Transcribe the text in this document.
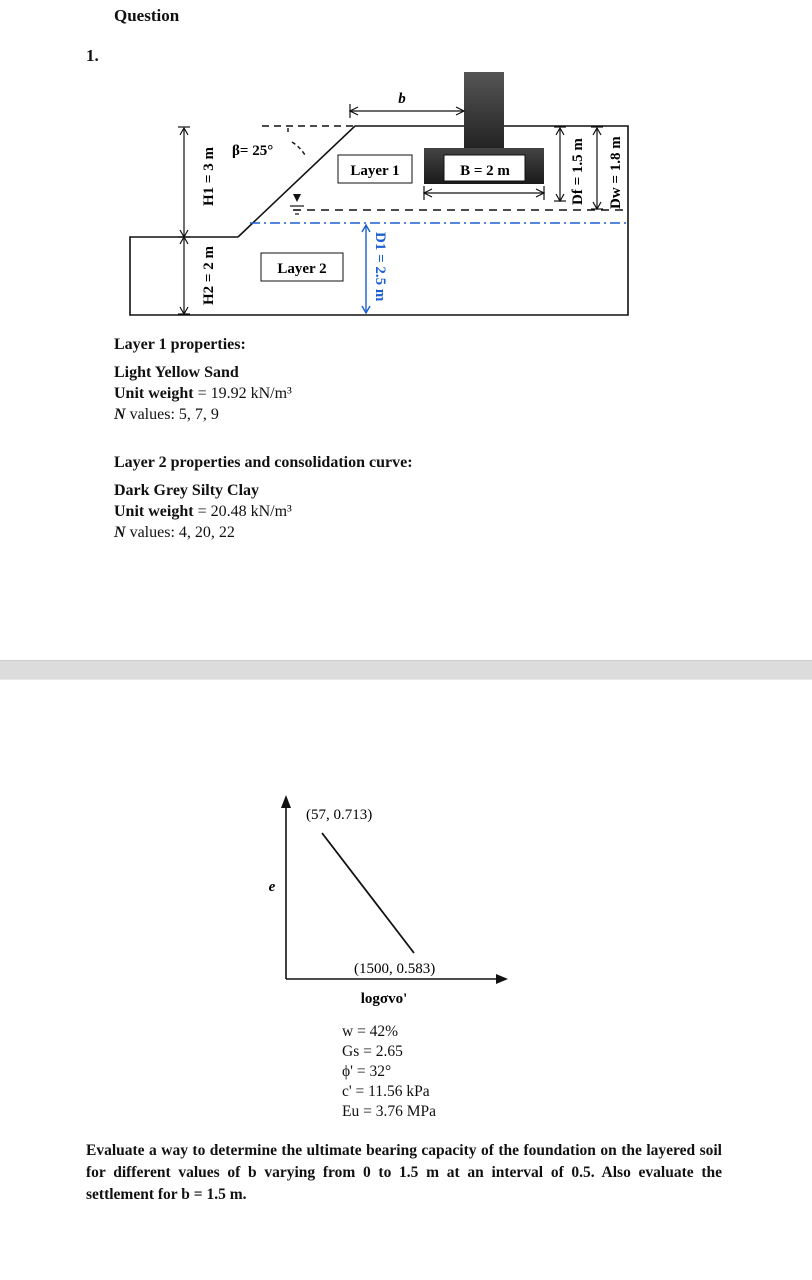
Question
1.
b
β= 25°
Layer 1
Layer 2
B = 2 m
H1 = 3 m
H2 = 2 m
Df = 1.5 m Dw = 1.8 m
D1 = 2.5 m
Layer 1 properties:
Light Yellow Sand
Unit weight = 19.92 kN/m³
N values: 5, 7, 9
Layer 2 properties and consolidation curve:
Dark Grey Silty Clay
Unit weight = 20.48 kN/m³
N values: 4, 20, 22
(57, 0.713)
(1500, 0.583)
e
logσvo'
w = 42%
Gs = 2.65
ϕ' = 32°
c' = 11.56 kPa
Eu = 3.76 MPa
Evaluate a way to determine the ultimate bearing capacity of the foundation on the layered soil for different values of b varying from 0 to 1.5 m at an interval of 0.5. Also evaluate the settlement for b = 1.5 m.
